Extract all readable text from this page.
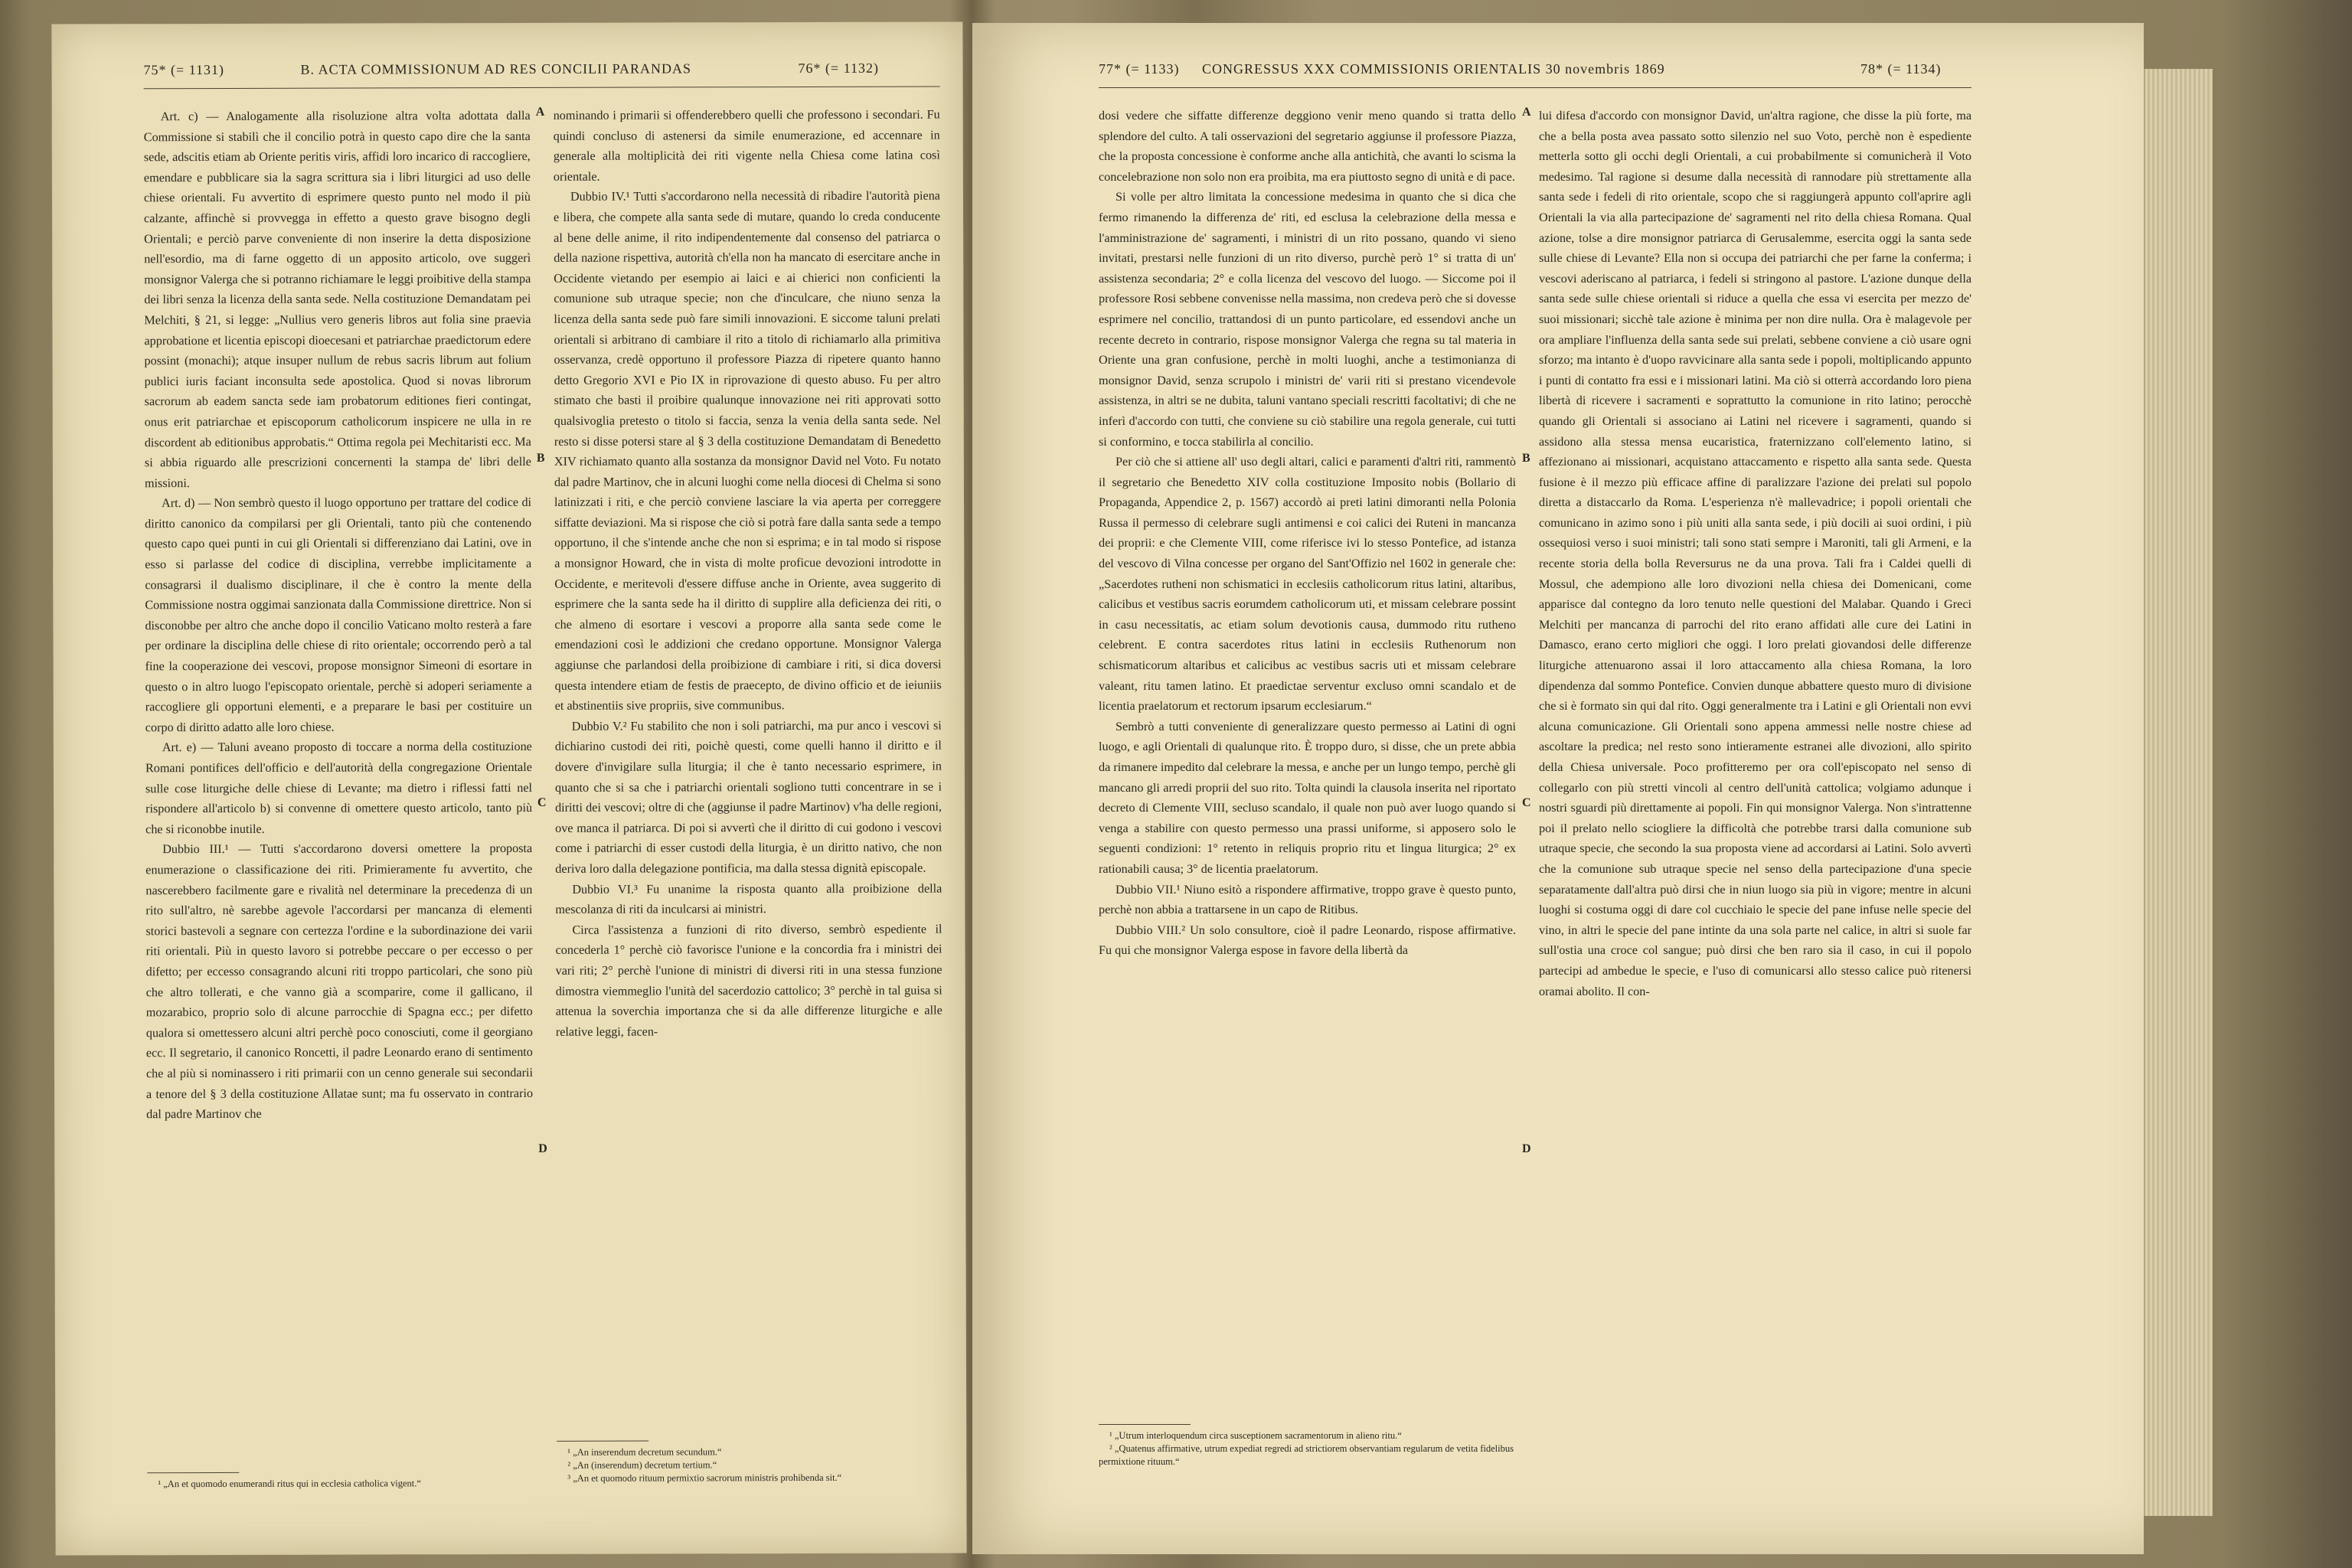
75* (= 1131)	B. ACTA COMMISSIONUM AD RES CONCILII PARANDAS	76* (= 1132)

Art. c) — Analogamente alla risoluzione altra volta adottata dalla Commissione si stabilì che il concilio potrà in questo capo dire che la santa sede, adscitis etiam ab Oriente peritis viris, affidi loro incarico di raccogliere, emendare e pubblicare sia la sagra scrittura sia i libri liturgici ad uso delle chiese orientali. Fu avvertito di esprimere questo punto nel modo il più calzante, affinchè si provvegga in effetto a questo grave bisogno degli Orientali; e perciò parve conveniente di non inserire la detta disposizione nell'esordio, ma di farne oggetto di un apposito articolo, ove suggerì monsignor Valerga che si potranno richiamare le leggi proibitive della stampa dei libri senza la licenza della santa sede. Nella costituzione Demandatam pei Melchiti, § 21, si legge: „Nullius vero generis libros aut folia sine praevia approbatione et licentia episcopi dioecesani et patriarchae praedictorum edere possint (monachi); atque insuper nullum de rebus sacris librum aut folium publici iuris faciant inconsulta sede apostolica. Quod si novas librorum sacrorum ab eadem sancta sede iam probatorum editiones fieri contingat, onus erit patriarchae et episcoporum catholicorum inspicere ne ulla in re discordent ab editionibus approbatis.“ Ottima regola pei Mechitaristi ecc. Ma si abbia riguardo alle prescrizioni concernenti la stampa de' libri delle missioni.

Art. d) — Non sembrò questo il luogo opportuno per trattare del codice di diritto canonico da compilarsi per gli Orientali, tanto più che contenendo questo capo quei punti in cui gli Orientali si differenziano dai Latini, ove in esso si parlasse del codice di disciplina, verrebbe implicitamente a consagrarsi il dualismo disciplinare, il che è contro la mente della Commissione nostra oggimai sanzionata dalla Commissione direttrice. Non si disconobbe per altro che anche dopo il concilio Vaticano molto resterà a fare per ordinare la disciplina delle chiese di rito orientale; occorrendo però a tal fine la cooperazione dei vescovi, propose monsignor Simeoni di esortare in questo o in altro luogo l'episcopato orientale, perchè si adoperi seriamente a raccogliere gli opportuni elementi, e a preparare le basi per costituire un corpo di diritto adatto alle loro chiese.

Art. e) — Taluni aveano proposto di toccare a norma della costituzione Romani pontifices dell'officio e dell'autorità della congregazione Orientale sulle cose liturgiche delle chiese di Levante; ma dietro i riflessi fatti nel rispondere all'articolo b) si convenne di omettere questo articolo, tanto più che si riconobbe inutile.

Dubbio III.¹ — Tutti s'accordarono doversi ometterе la proposta enumerazione o classificazione dei riti. Primieramente fu avvertito, che nascerebbero facilmente gare e rivalità nel determinare la precedenza di un rito sull'altro, nè sarebbe agevole l'accordarsi per mancanza di elementi storici bastevoli a segnare con certezza l'ordine e la subordinazione dei varii riti orientali. Più in questo lavoro si potrebbe peccare o per eccesso o per difetto; per eccesso consagrando alcuni riti troppo particolari, che sono più che altro tollerati, e che vanno già a scomparire, come il gallicano, il mozarabico, proprio solo di alcune parrocchie di Spagna ecc.; per difetto qualora si omettessero alcuni altri perchè poco conosciuti, come il georgiano ecc. Il segretario, il canonico Roncetti, il padre Leonardo erano di sentimento che al più si nominassero i riti primarii con un cenno generale sui secondarii a tenore del § 3 della costituzione Allatae sunt; ma fu osservato in contrario dal padre Martinov che

¹ „An et quomodo enumerandi ritus qui in ecclesia catholica vigent.“
A
B
C
D

nominando i primarii si offenderebbero quelli che professono i secondari. Fu quindi concluso di astenersi da simile enumerazione, ed accennare in generale alla moltiplicità dei riti vigente nella Chiesa come latina così orientale.

Dubbio IV.¹ Tutti s'accordarono nella necessità di ribadire l'autorità piena e libera, che compete alla santa sede di mutare, quando lo creda conducente al bene delle anime, il rito indipendentemente dal consenso del patriarca o della nazione rispettiva, autorità ch'ella non ha mancato di esercitare anche in Occidente vietando per esempio ai laici e ai chierici non conficienti la comunione sub utraque specie; non che d'inculcare, che niuno senza la licenza della santa sede può fare simili innovazioni. E siccome taluni prelati orientali si arbitrano di cambiare il rito a titolo di richiamarlo alla primitiva osservanza, credè opportuno il professore Piazza di ripetere quanto hanno detto Gregorio XVI e Pio IX in riprovazione di questo abuso. Fu per altro stimato che basti il proibire qualunque innovazione nei riti approvati sotto qualsivoglia pretesto o titolo si faccia, senza la venia della santa sede. Nel resto si disse potersi stare al § 3 della costituzione Demandatam di Benedetto XIV richiamato quanto alla sostanza da monsignor David nel Voto. Fu notato dal padre Martinov, che in alcuni luoghi come nella diocesi di Chelma si sono latinizzati i riti, e che perciò conviene lasciare la via aperta per correggere siffatte deviazioni. Ma si rispose che ciò si potrà fare dalla santa sede a tempo opportuno, il che s'intende anche che non si esprima; e in tal modo si rispose a monsignor Howard, che in vista di molte proficue devozioni introdotte in Occidente, e meritevoli d'essere diffuse anche in Oriente, avea suggerito di esprimere che la santa sede ha il diritto di supplire alla deficienza dei riti, o che almeno di esortare i vescovi a proporre alla santa sede come le emendazioni così le addizioni che credano opportune. Monsignor Valerga aggiunse che parlandosi della proibizione di cambiare i riti, si dica doversi questa intendere etiam de festis de praecepto, de divino officio et de ieiuniis et abstinentiis sive propriis, sive communibus.

Dubbio V.² Fu stabilito che non i soli patriarchi, ma pur anco i vescovi si dichiarino custodi dei riti, poichè questi, come quelli hanno il diritto e il dovere d'invigilare sulla liturgia; il che è tanto necessario esprimere, in quanto che si sa che i patriarchi orientali sogliono tutti concentrare in se i diritti dei vescovi; oltre di che (aggiunse il padre Martinov) v'ha delle regioni, ove manca il patriarca. Di poi si avvertì che il diritto di cui godono i vescovi come i patriarchi di esser custodi della liturgia, è un diritto nativo, che non deriva loro dalla delegazione pontificia, ma dalla stessa dignità episcopale.

Dubbio VI.³ Fu unanime la risposta quanto alla proibizione della mescolanza di riti da inculcarsi ai ministri.

Circa l'assistenza a funzioni di rito diverso, sembrò espediente il concederla 1° perchè ciò favorisce l'unione e la concordia fra i ministri dei vari riti; 2° perchè l'unione di ministri di diversi riti in una stessa funzione dimostra viemmeglio l'unità del sacerdozio cattolico; 3° perchè in tal guisa si attenua la soverchia importanza che si da alle differenze liturgiche e alle relative leggi, facen-

¹ „An inserendum decretum secundum.“
² „An (inserendum) decretum tertium.“
³ „An et quomodo rituum permixtio sacrorum ministris prohibenda sit.“
77* (= 1133) CONGRESSUS XXX COMMISSIONIS ORIENTALIS 30 novembris 1869	78* (= 1134)

dosi vedere che siffatte differenze deggiono venir meno quando si tratta dello splendore del culto. A tali osservazioni del segretario aggiunse il professore Piazza, che la proposta concessione è conforme anche alla antichità, che avanti lo scisma la concelebrazione non solo non era proibita, ma era piuttosto segno di unità e di pace.

Si volle per altro limitata la concessione medesima in quanto che si dica che fermo rimanendo la differenza de' riti, ed esclusa la celebrazione della messa e l'amministrazione de' sagramenti, i ministri di un rito possano, quando vi sieno invitati, prestarsi nelle funzioni di un rito diverso, purchè però 1° si tratta di un' assistenza secondaria; 2° e colla licenza del vescovo del luogo. — Siccome poi il professore Rosi sebbene convenisse nella massima, non credeva però che si dovesse esprimere nel concilio, trattandosi di un punto particolare, ed essendovi anche un recente decreto in contrario, rispose monsignor Valerga che regna su tal materia in Oriente una gran confusione, perchè in molti luoghi, anche a testimonianza di monsignor David, senza scrupolo i ministri de' varii riti si prestano vicendevole assistenza, in altri se ne dubita, taluni vantano speciali rescritti facoltativi; di che ne inferì d'accordo con tutti, che conviene su ciò stabilire una regola generale, cui tutti si conformino, e tocca stabilirla al concilio.

Per ciò che si attiene all' uso degli altari, calici e paramenti d'altri riti, rammentò il segretario che Benedetto XIV colla costituzione Imposito nobis (Bollario di Propaganda, Appendice 2, p. 1567) accordò ai preti latini dimoranti nella Polonia Russa il permesso di celebrare sugli antimensi e coi calici dei Ruteni in mancanza dei proprii: e che Clemente VIII, come riferisce ivi lo stesso Pontefice, ad istanza del vescovo di Vilna concesse per organo del Sant'Offizio nel 1602 in generale che: „Sacerdotes rutheni non schismatici in ecclesiis catholicorum ritus latini, altaribus, calicibus et vestibus sacris eorumdem catholicorum uti, et missam celebrare possint in casu necessitatis, ac etiam solum devotionis causa, dummodo ritu rutheno celebrent. E contra sacerdotes ritus latini in ecclesiis Ruthenorum non schismaticorum altaribus et calicibus ac vestibus sacris uti et missam celebrare valeant, ritu tamen latino. Et praedictae serventur excluso omni scandalo et de licentia praelatorum et rectorum ipsarum ecclesiarum.“

Sembrò a tutti conveniente di generalizzare questo permesso ai Latini di ogni luogo, e agli Orientali di qualunque rito. È troppo duro, si disse, che un prete abbia da rimanere impedito dal celebrare la messa, e anche per un lungo tempo, perchè gli mancano gli arredi proprii del suo rito. Tolta quindi la clausola inserita nel riportato decreto di Clemente VIII, secluso scandalo, il quale non può aver luogo quando si venga a stabilire con questo permesso una prassi uniforme, si apposero solo le seguenti condizioni: 1° retento in reliquis proprio ritu et lingua liturgica; 2° ex rationabili causa; 3° de licentia praelatorum.

Dubbio VII.¹ Niuno esitò a rispondere affirmative, troppo grave è questo punto, perchè non abbia a trattarsene in un capo de Ritibus.

Dubbio VIII.² Un solo consultore, cioè il padre Leonardo, rispose affirmative. Fu qui che monsignor Valerga espose in favore della libertà da

¹ „Utrum interloquendum circa susceptionem sacramentorum in alieno ritu.“
² „Quatenus affirmative, utrum expediat regredi ad strictiorem observantiam regularum de vetita fidelibus permixtione rituum.“
A
B
C
D

lui difesa d'accordo con monsignor David, un'altra ragione, che disse la più forte, ma che a bella posta avea passato sotto silenzio nel suo Voto, perchè non è espediente metterla sotto gli occhi degli Orientali, a cui probabilmente si comunicherà il Voto medesimo. Tal ragione si desume dalla necessità di rannodare più strettamente alla santa sede i fedeli di rito orientale, scopo che si raggiungerà appunto coll'aprire agli Orientali la via alla partecipazione de' sagramenti nel rito della chiesa Romana. Qual azione, tolse a dire monsignor patriarca di Gerusalemme, esercita oggi la santa sede sulle chiese di Levante? Ella non si occupa dei patriarchi che per farne la conferma; i vescovi aderiscano al patriarca, i fedeli si stringono al pastore. L'azione dunque della santa sede sulle chiese orientali si riduce a quella che essa vi esercita per mezzo de' suoi missionari; sicchè tale azione è minima per non dire nulla. Ora è malagevole per ora ampliare l'influenza della santa sede sui prelati, sebbene conviene a ciò usare ogni sforzo; ma intanto è d'uopo ravvicinare alla santa sede i popoli, moltiplicando appunto i punti di contatto fra essi e i missionari latini. Ma ciò si otterrà accordando loro piena libertà di ricevere i sacramenti e soprattutto la comunione in rito latino; perocchè quando gli Orientali si associano ai Latini nel ricevere i sagramenti, quando si assidono alla stessa mensa eucaristica, fraternizzano coll'elemento latino, si affezionano ai missionari, acquistano attaccamento e rispetto alla santa sede. Questa fusione è il mezzo più efficace affine di paralizzare l'azione dei prelati sul popolo diretta a distaccarlo da Roma. L'esperienza n'è mallevadrice; i popoli orientali che comunicano in azimo sono i più uniti alla santa sede, i più docili ai suoi ordini, i più ossequiosi verso i suoi ministri; tali sono stati sempre i Maroniti, tali gli Armeni, e la recente storia della bolla Reversurus ne da una prova. Tali fra i Caldei quelli di Mossul, che adempiono alle loro divozioni nella chiesa dei Domenicani, come apparisce dal contegno da loro tenuto nelle questioni del Malabar. Quando i Greci Melchiti per mancanza di parrochi del rito erano affidati alle cure dei Latini in Damasco, erano certo migliori che oggi. I loro prelati giovandosi delle differenze liturgiche attenuarono assai il loro attaccamento alla chiesa Romana, la loro dipendenza dal sommo Pontefice. Convien dunque abbattere questo muro di divisione che si è formato sin qui dal rito. Oggi generalmente tra i Latini e gli Orientali non evvi alcuna comunicazione. Gli Orientali sono appena ammessi nelle nostre chiese ad ascoltare la predica; nel resto sono intieramente estranei alle divozioni, allo spirito della Chiesa universale. Poco profitteremo per ora coll'episcopato nel senso di collegarlo con più stretti vincoli al centro dell'unità cattolica; volgiamo adunque i nostri sguardi più direttamente ai popoli. Fin qui monsignor Valerga. Non s'intrattenne poi il prelato nello sciogliere la difficoltà che potrebbe trarsi dalla comunione sub utraque specie, che secondo la sua proposta viene ad accordarsi ai Latini. Solo avvertì che la comunione sub utraque specie nel senso della partecipazione d'una specie separatamente dall'altra può dirsi che in niun luogo sia più in vigore; mentre in alcuni luoghi si costuma oggi di dare col cucchiaio le specie del pane infuse nelle specie del vino, in altri le specie del pane intinte da una sola parte nel calice, in altri si suole far sull'ostia una croce col sangue; può dirsi che ben raro sia il caso, in cui il popolo partecipi ad ambedue le specie, e l'uso di comunicarsi allo stesso calice può ritenersi oramai abolito. Il con-
